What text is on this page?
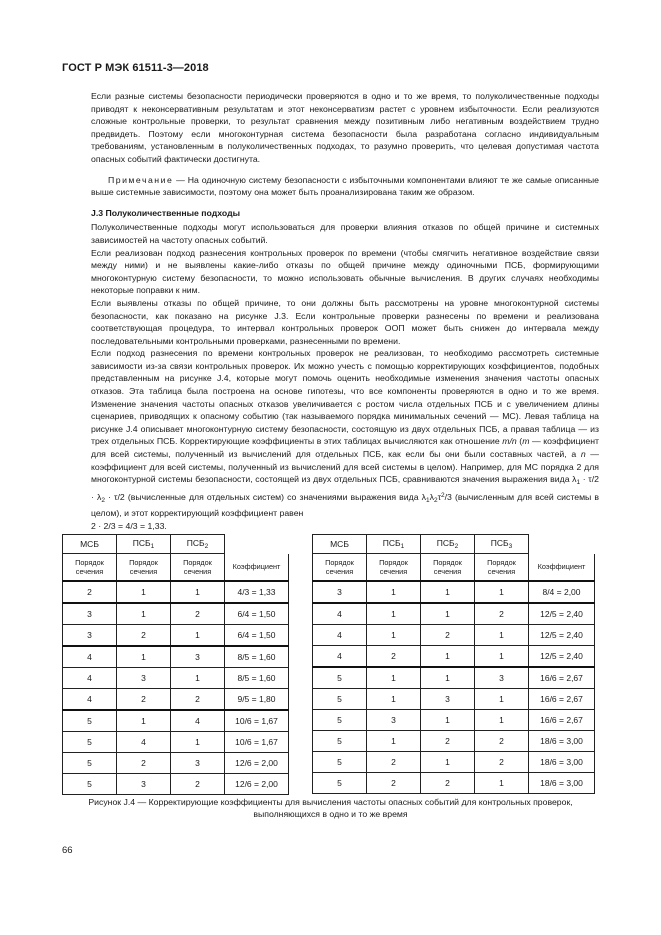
ГОСТ Р МЭК 61511-3—2018

Если разные системы безопасности периодически проверяются в одно и то же время, то полуколичественные подходы приводят к неконсервативным результатам и этот неконсерватизм растет с уровнем избыточности. Если реализуются сложные контрольные проверки, то результат сравнения между позитивным либо негативным воздействием трудно предвидеть. Поэтому если многоконтурная система безопасности была разработана согласно индивидуальным требованиям, установленным в полуколичественных подходах, то разумно проверить, что целевая допустимая частота опасных событий фактически достигнута.

Примечание — На одиночную систему безопасности с избыточными компонентами влияют те же самые описанные выше системные зависимости, поэтому она может быть проанализирована таким же образом.

J.3 Полуколичественные подходы

Полуколичественные подходы могут использоваться для проверки влияния отказов по общей причине и системных зависимостей на частоту опасных событий.

Если реализован подход разнесения контрольных проверок по времени (чтобы смягчить негативное воздействие связи между ними) и не выявлены какие-либо отказы по общей причине между одиночными ПСБ, формирующими многоконтурную систему безопасности, то можно использовать обычные вычисления. В других случаях необходимы некоторые поправки к ним.

Если выявлены отказы по общей причине, то они должны быть рассмотрены на уровне многоконтурной системы безопасности, как показано на рисунке J.3. Если контрольные проверки разнесены по времени и реализована соответствующая процедура, то интервал контрольных проверок ООП может быть снижен до интервала между последовательными контрольными проверками, разнесенными по времени.

Если подход разнесения по времени контрольных проверок не реализован, то необходимо рассмотреть системные зависимости из-за связи контрольных проверок. Их можно учесть с помощью корректирующих коэффициентов, подобных представленным на рисунке J.4, которые могут помочь оценить необходимые изменения значения частоты опасных отказов. Эта таблица была построена на основе гипотезы, что все компоненты проверяются в одно и то же время. Изменение значения частоты опасных отказов увеличивается с ростом числа отдельных ПСБ и с увеличением длины сценариев, приводящих к опасному событию (так называемого порядка минимальных сечений — МС). Левая таблица на рисунке J.4 описывает многоконтурную систему безопасности, состоящую из двух отдельных ПСБ, а правая таблица — из трех отдельных ПСБ. Корректирующие коэффициенты в этих таблицах вычисляются как отношение m/n (m — коэффициент для всей системы, полученный из вычислений для отдельных ПСБ, как если бы они были составных частей, а n — коэффициент для всей системы, полученный из вычислений для всей системы в целом). Например, для МС порядка 2 для многоконтурной системы безопасности, состоящей из двух отдельных ПСБ, сравниваются значения выражения вида $\lambda_1 \cdot \tau/2 \cdot \lambda_2 \cdot \tau/2$ (вычисленные для отдельных систем) со значениями выражения вида $\lambda_1\lambda_2\tau^2/3$ (вычисленным для всей системы в целом), и этот корректирующий коэффициент равен
2 · 2/3 = 4/3 = 1,33.

МСБ	$ПСБ_1$	$ПСБ_2$	
Порядок сечения	Порядок сечения	Порядок сечения	Коэффициент
2	1	1	4/3 = 1,33
3	1	2	6/4 = 1,50
3	2	1	6/4 = 1,50
4	1	3	8/5 = 1,60
4	3	1	8/5 = 1,60
4	2	2	9/5 = 1,80
5	1	4	10/6 = 1,67
5	4	1	10/6 = 1,67
5	2	3	12/6 = 2,00
5	3	2	12/6 = 2,00
МСБ	$ПСБ_1$	$ПСБ_2$	$ПСБ_3$	
Порядок сечения	Порядок сечения	Порядок сечения	Порядок сечения	Коэффициент
3	1	1	1	8/4 = 2,00
4	1	1	2	12/5 = 2,40
4	1	2	1	12/5 = 2,40
4	2	1	1	12/5 = 2,40
5	1	1	3	16/6 = 2,67
5	1	3	1	16/6 = 2,67
5	3	1	1	16/6 = 2,67
5	1	2	2	18/6 = 3,00
5	2	1	2	18/6 = 3,00
5	2	2	1	18/6 = 3,00
Рисунок J.4 — Корректирующие коэффициенты для вычисления частоты опасных событий для контрольных проверок, выполняющихся в одно и то же время
66
